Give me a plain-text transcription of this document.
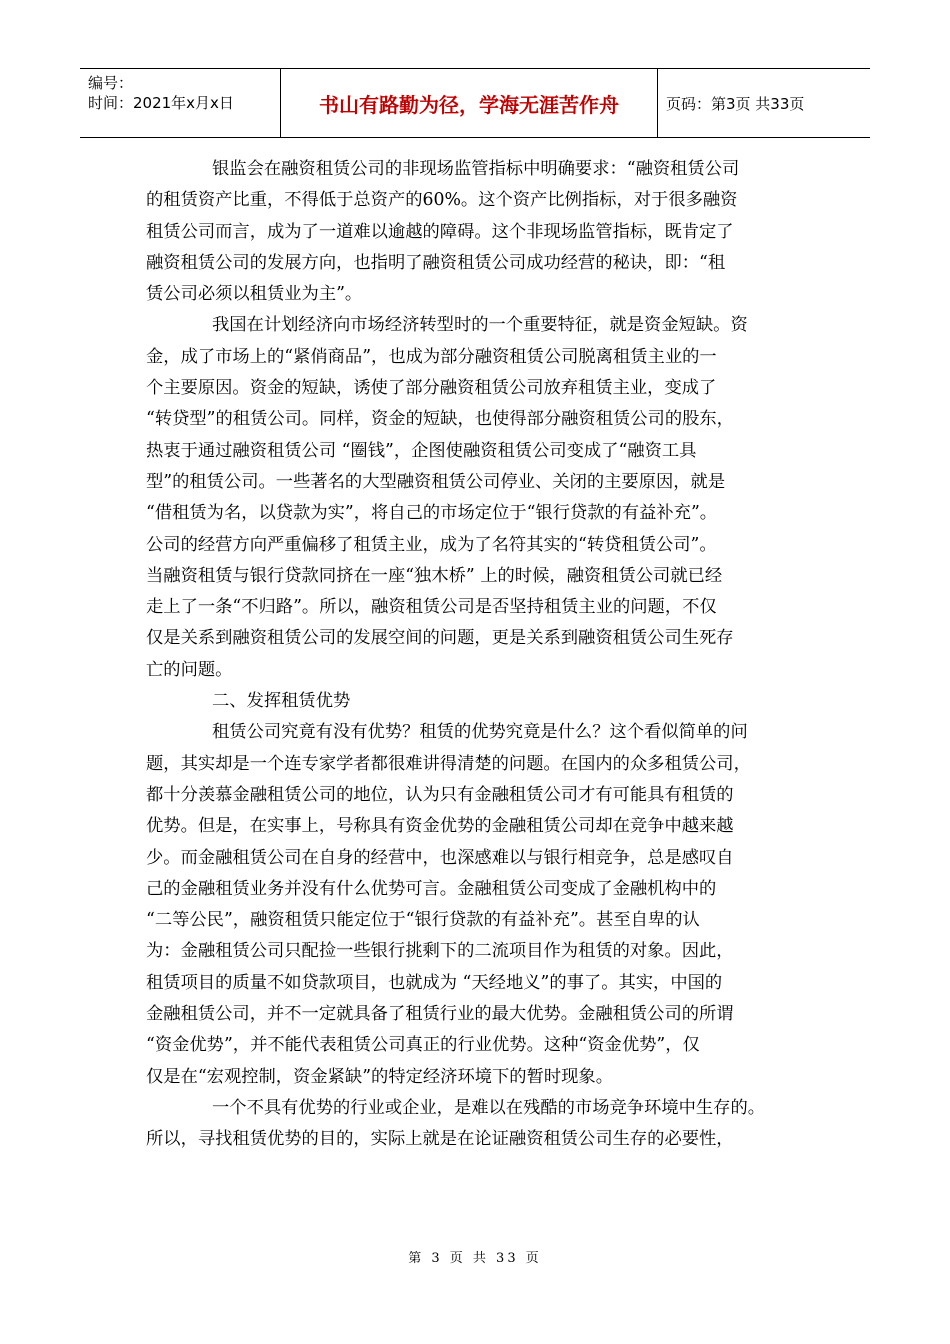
编号：
时间：2021年x月x日	书山有路勤为径，学海无涯苦作舟	页码：第3页 共33页
银监会在融资租赁公司的非现场监管指标中明确要求：“融资租赁公司
的租赁资产比重，不得低于总资产的60%。这个资产比例指标，对于很多融资
租赁公司而言，成为了一道难以逾越的障碍。这个非现场监管指标，既肯定了
融资租赁公司的发展方向，也指明了融资租赁公司成功经营的秘诀，即：“租
赁公司必须以租赁业为主”。
我国在计划经济向市场经济转型时的一个重要特征，就是资金短缺。资
金，成了市场上的“紧俏商品”，也成为部分融资租赁公司脱离租赁主业的一
个主要原因。资金的短缺，诱使了部分融资租赁公司放弃租赁主业，变成了
“转贷型”的租赁公司。同样，资金的短缺，也使得部分融资租赁公司的股东，
热衷于通过融资租赁公司 “圈钱”，企图使融资租赁公司变成了“融资工具
型”的租赁公司。一些著名的大型融资租赁公司停业、关闭的主要原因，就是
“借租赁为名，以贷款为实”，将自己的市场定位于“银行贷款的有益补充”。
公司的经营方向严重偏移了租赁主业，成为了名符其实的“转贷租赁公司”。
当融资租赁与银行贷款同挤在一座“独木桥” 上的时候，融资租赁公司就已经
走上了一条“不归路”。所以，融资租赁公司是否坚持租赁主业的问题，不仅
仅是关系到融资租赁公司的发展空间的问题，更是关系到融资租赁公司生死存
亡的问题。
二、发挥租赁优势
租赁公司究竟有没有优势？租赁的优势究竟是什么？这个看似简单的问
题，其实却是一个连专家学者都很难讲得清楚的问题。在国内的众多租赁公司，
都十分羡慕金融租赁公司的地位，认为只有金融租赁公司才有可能具有租赁的
优势。但是，在实事上，号称具有资金优势的金融租赁公司却在竞争中越来越
少。而金融租赁公司在自身的经营中，也深感难以与银行相竞争，总是感叹自
己的金融租赁业务并没有什么优势可言。金融租赁公司变成了金融机构中的
“二等公民”，融资租赁只能定位于“银行贷款的有益补充”。甚至自卑的认
为：金融租赁公司只配捡一些银行挑剩下的二流项目作为租赁的对象。因此，
租赁项目的质量不如贷款项目，也就成为 “天经地义”的事了。其实，中国的
金融租赁公司，并不一定就具备了租赁行业的最大优势。金融租赁公司的所谓
“资金优势”，并不能代表租赁公司真正的行业优势。这种“资金优势”，仅
仅是在“宏观控制，资金紧缺”的特定经济环境下的暂时现象。
一个不具有优势的行业或企业，是难以在残酷的市场竞争环境中生存的。
所以，寻找租赁优势的目的，实际上就是在论证融资租赁公司生存的必要性，
第 3 页 共 33 页
